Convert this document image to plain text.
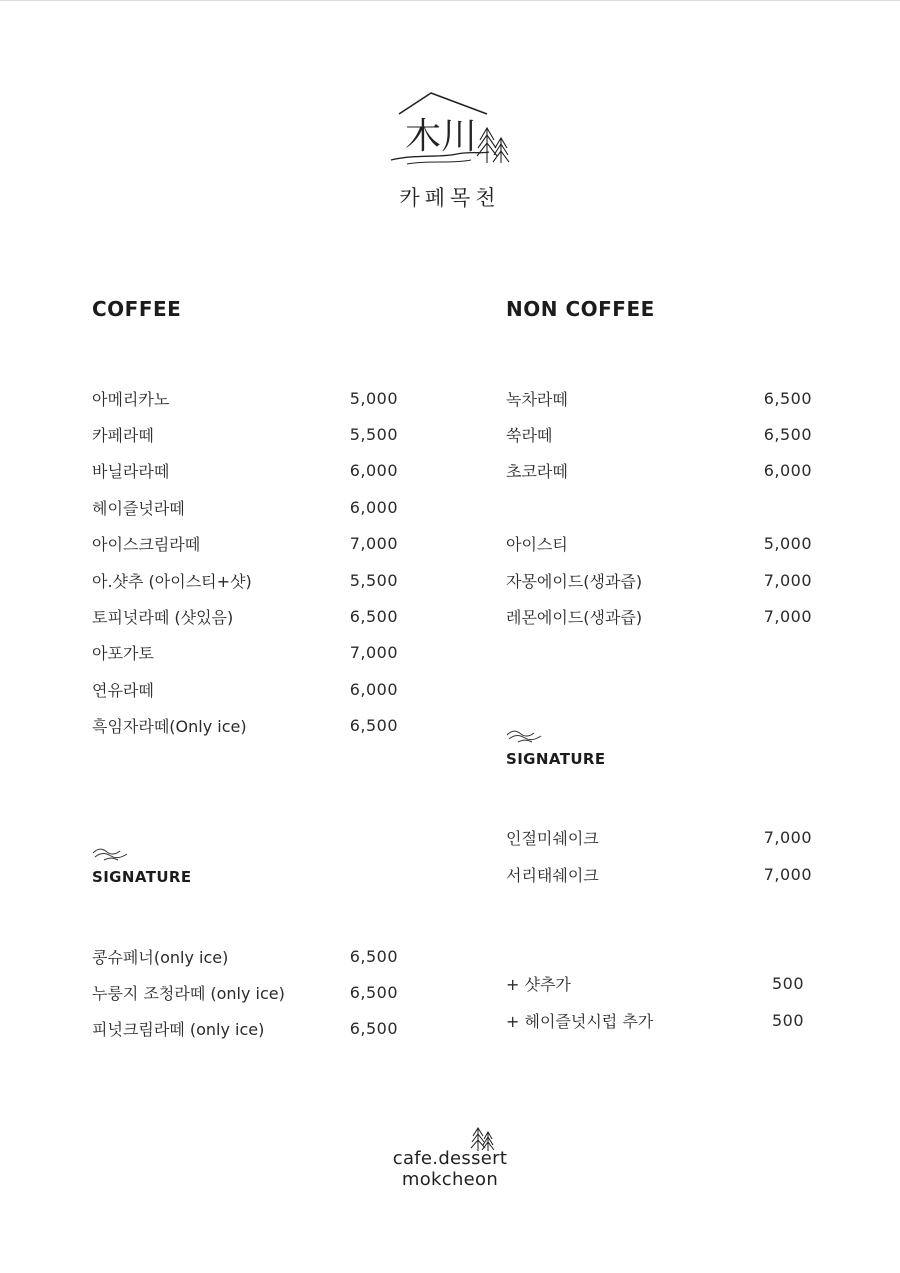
木川
카페목천
COFFEE
아메리카노	5,000
카페라떼	5,500
바닐라라떼	6,000
헤이즐넛라떼	6,000
아이스크림라떼	7,000
아.샷추 (아이스티+샷)	5,500
토피넛라떼 (샷있음)	6,500
아포가토	7,000
연유라떼	6,000
흑임자라떼(Only ice)	6,500
SIGNATURE
콩슈페너(only ice)	6,500
누룽지 조청라떼 (only ice)	6,500
피넛크림라떼 (only ice)	6,500
NON COFFEE
녹차라떼	6,500
쑥라떼	6,500
초코라떼	6,000
아이스티	5,000
자몽에이드(생과즙)	7,000
레몬에이드(생과즙)	7,000
SIGNATURE
인절미쉐이크	7,000
서리태쉐이크	7,000
+ 샷추가	500
+ 헤이즐넛시럽 추가	500
cafe.dessert
mokcheon
